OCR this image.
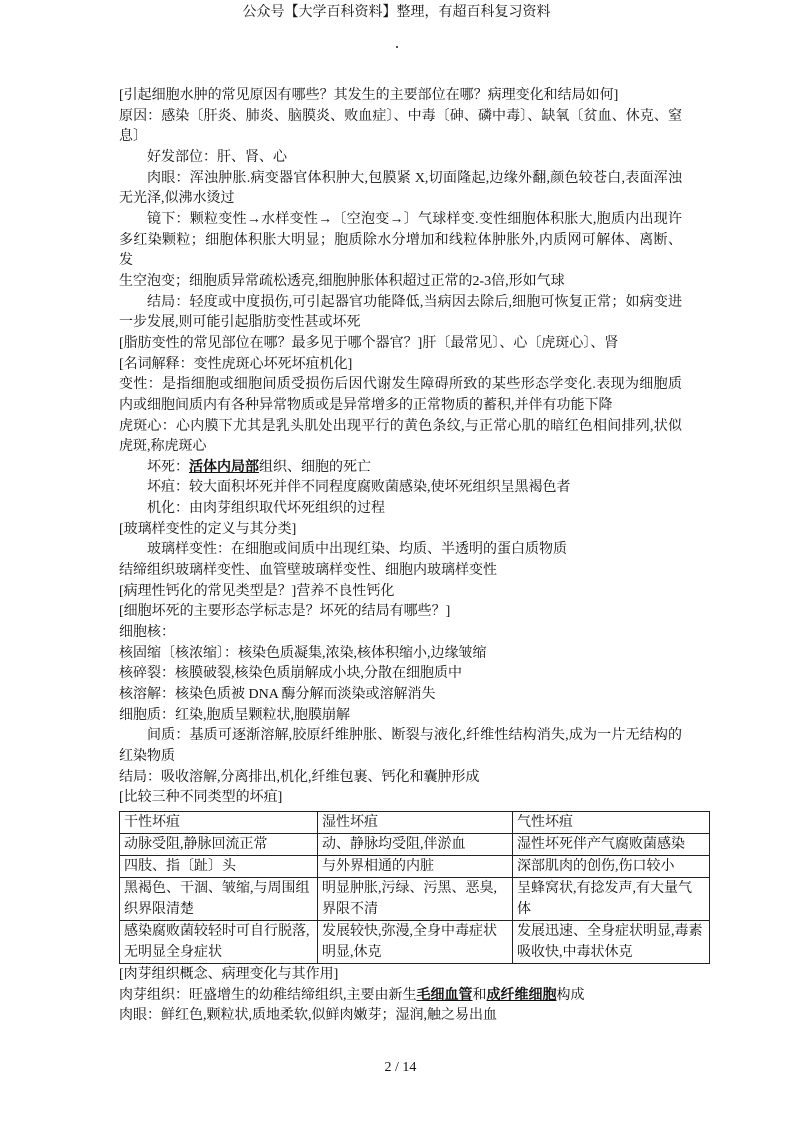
公众号【大学百科资料】整理，有超百科复习资料
[引起细胞水肿的常见原因有哪些？其发生的主要部位在哪？病理变化和结局如何]
原因：感染〔肝炎、肺炎、脑膜炎、败血症〕、中毒〔砷、磷中毒〕、缺氧〔贫血、休克、窒
息〕
好发部位：肝、肾、心
肉眼：浑浊肿胀.病变器官体积肿大,包膜紧 X,切面隆起,边缘外翻,颜色较苍白,表面浑浊
无光泽,似沸水烫过
镜下：颗粒变性→水样变性→〔空泡变→〕气球样变.变性细胞体积胀大,胞质内出现许
多红染颗粒；细胞体积胀大明显；胞质除水分增加和线粒体肿胀外,内质网可解体、离断、发
生空泡变；细胞质异常疏松透亮,细胞肿胀体积超过正常的2-3倍,形如气球
结局：轻度或中度损伤,可引起器官功能降低,当病因去除后,细胞可恢复正常；如病变进
一步发展,则可能引起脂肪变性甚或坏死
[脂肪变性的常见部位在哪？最多见于哪个器官？]肝〔最常见〕、心〔虎斑心〕、肾
[名词解释：变性虎斑心坏死坏疽机化]
变性：是指细胞或细胞间质受损伤后因代谢发生障碍所致的某些形态学变化.表现为细胞质
内或细胞间质内有各种异常物质或是异常增多的正常物质的蓄积,并伴有功能下降
虎斑心：心内膜下尤其是乳头肌处出现平行的黄色条纹,与正常心肌的暗红色相间排列,状似
虎斑,称虎斑心
坏死：活体内局部组织、细胞的死亡
坏疽：较大面积坏死并伴不同程度腐败菌感染,使坏死组织呈黑褐色者
机化：由肉芽组织取代坏死组织的过程
[玻璃样变性的定义与其分类]
玻璃样变性：在细胞或间质中出现红染、均质、半透明的蛋白质物质
结缔组织玻璃样变性、血管壁玻璃样变性、细胞内玻璃样变性
[病理性钙化的常见类型是？]营养不良性钙化
[细胞坏死的主要形态学标志是？坏死的结局有哪些？]
细胞核：
核固缩〔核浓缩〕：核染色质凝集,浓染,核体积缩小,边缘皱缩
核碎裂：核膜破裂,核染色质崩解成小块,分散在细胞质中
核溶解：核染色质被 DNA 酶分解而淡染或溶解消失
细胞质：红染,胞质呈颗粒状,胞膜崩解
间质：基质可逐渐溶解,胶原纤维肿胀、断裂与液化,纤维性结构消失,成为一片无结构的
红染物质
结局：吸收溶解,分离排出,机化,纤维包裹、钙化和囊肿形成
[比较三种不同类型的坏疽]
干性坏疽	湿性坏疽	气性坏疽
动脉受阻,静脉回流正常	动、静脉均受阻,伴淤血	湿性坏死伴产气腐败菌感染
四肢、指〔趾〕头	与外界相通的内脏	深部肌肉的创伤,伤口较小
黑褐色、干涸、皱缩,与周围组织界限清楚	明显肿胀,污绿、污黑、恶臭,界限不清	呈蜂窝状,有捻发声,有大量气体
感染腐败菌较轻时可自行脱落,无明显全身症状	发展较快,弥漫,全身中毒症状明显,休克	发展迅速、全身症状明显,毒素吸收快,中毒状休克
[肉芽组织概念、病理变化与其作用]
肉芽组织：旺盛增生的幼稚结缔组织,主要由新生毛细血管和成纤维细胞构成
肉眼：鲜红色,颗粒状,质地柔软,似鲜肉嫩芽；湿润,触之易出血
2 / 14
